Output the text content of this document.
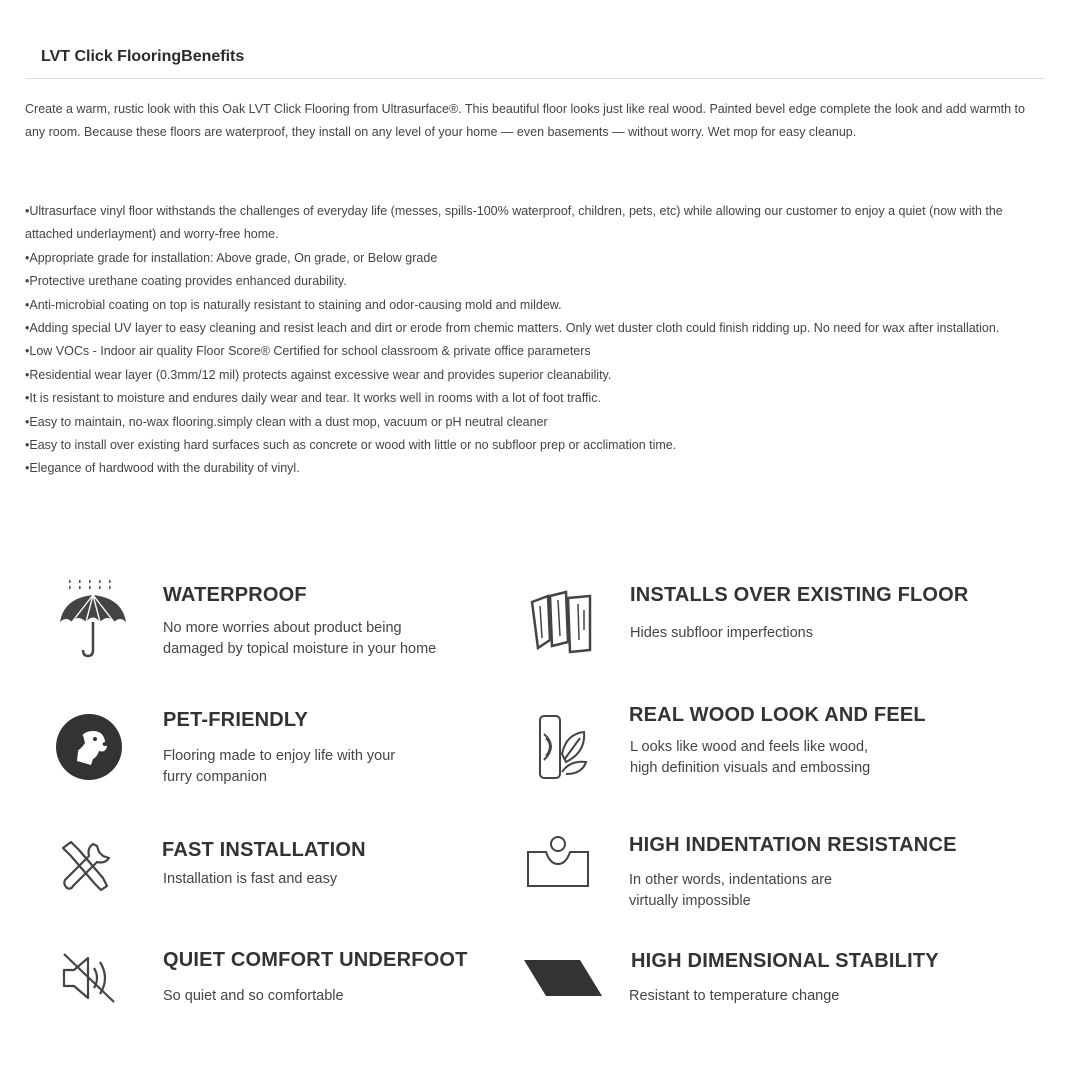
LVT Click FlooringBenefits

Create a warm, rustic look with this Oak LVT Click Flooring from Ultrasurface®. This beautiful floor looks just like real wood. Painted bevel edge complete the look and add warmth to any room. Because these floors are waterproof, they install on any level of your home — even basements — without worry. Wet mop for easy cleanup.

•Ultrasurface vinyl floor withstands the challenges of everyday life (messes, spills-100% waterproof, children, pets, etc) while allowing our customer to enjoy a quiet (now with the attached underlayment) and worry-free home.
•Appropriate grade for installation: Above grade, On grade, or Below grade
•Protective urethane coating provides enhanced durability.
•Anti-microbial coating on top is naturally resistant to staining and odor-causing mold and mildew.
•Adding special UV layer to easy cleaning and resist leach and dirt or erode from chemic matters. Only wet duster cloth could finish ridding up. No need for wax after installation.
•Low VOCs - Indoor air quality Floor Score® Certified for school classroom & private office parameters
•Residential wear layer (0.3mm/12 mil) protects against excessive wear and provides superior cleanability.
•It is resistant to moisture and endures daily wear and tear. It works well in rooms with a lot of foot traffic.
•Easy to maintain, no-wax flooring.simply clean with a dust mop, vacuum or pH neutral cleaner
•Easy to install over existing hard surfaces such as concrete or wood with little or no subfloor prep or acclimation time.
•Elegance of hardwood with the durability of vinyl.
WATERPROOF
No more worries about product being
damaged by topical moisture in your home
INSTALLS OVER EXISTING FLOOR
Hides subfloor imperfections
PET-FRIENDLY
Flooring made to enjoy life with your
furry companion
REAL WOOD LOOK AND FEEL
L ooks like wood and feels like wood,
high definition visuals and embossing
FAST INSTALLATION
Installation is fast and easy
HIGH INDENTATION RESISTANCE
In other words, indentations are
virtually impossible
QUIET COMFORT UNDERFOOT
So quiet and so comfortable
HIGH DIMENSIONAL STABILITY
Resistant to temperature change
